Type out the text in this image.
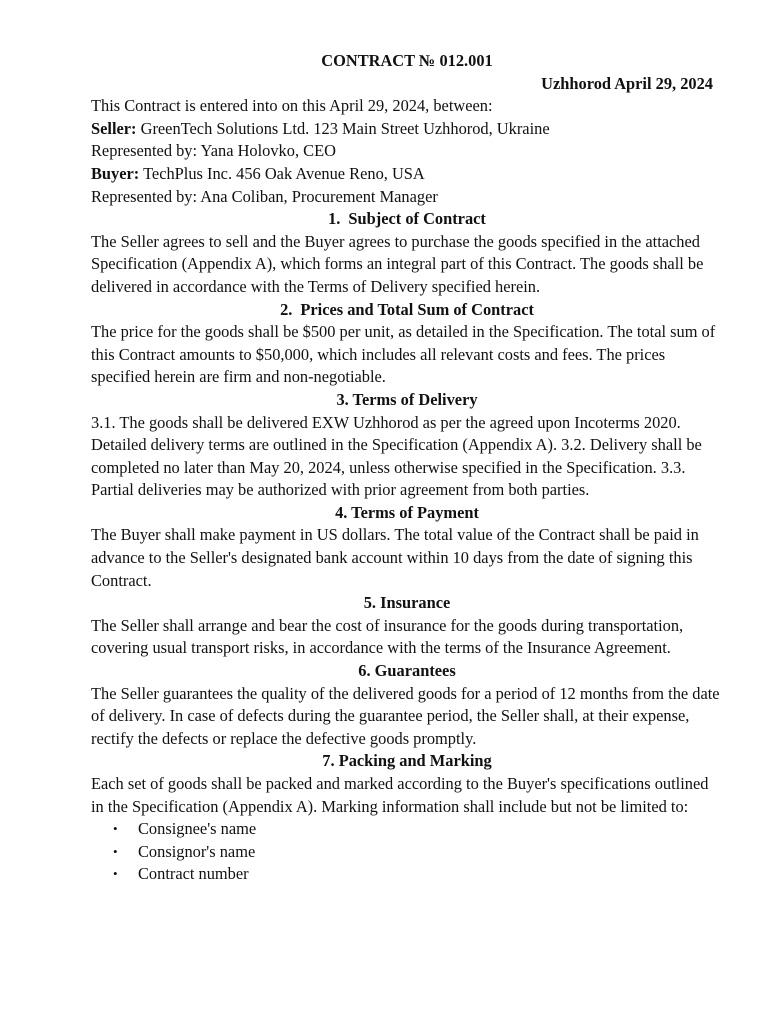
CONTRACT № 012.001

Uzhhorod April 29, 2024

This Contract is entered into on this April 29, 2024, between:

Seller: GreenTech Solutions Ltd. 123 Main Street Uzhhorod, Ukraine

Represented by: Yana Holovko, CEO

Buyer: TechPlus Inc. 456 Oak Avenue Reno, USA

Represented by: Ana Coliban, Procurement Manager

1. Subject of Contract

The Seller agrees to sell and the Buyer agrees to purchase the goods specified in the attached Specification (Appendix A), which forms an integral part of this Contract. The goods shall be delivered in accordance with the Terms of Delivery specified herein.

2. Prices and Total Sum of Contract

The price for the goods shall be $500 per unit, as detailed in the Specification. The total sum of this Contract amounts to $50,000, which includes all relevant costs and fees. The prices specified herein are firm and non-negotiable.

3. Terms of Delivery

3.1. The goods shall be delivered EXW Uzhhorod as per the agreed upon Incoterms 2020. Detailed delivery terms are outlined in the Specification (Appendix A). 3.2. Delivery shall be completed no later than May 20, 2024, unless otherwise specified in the Specification. 3.3. Partial deliveries may be authorized with prior agreement from both parties.

4. Terms of Payment

The Buyer shall make payment in US dollars. The total value of the Contract shall be paid in advance to the Seller's designated bank account within 10 days from the date of signing this Contract.

5. Insurance

The Seller shall arrange and bear the cost of insurance for the goods during transportation, covering usual transport risks, in accordance with the terms of the Insurance Agreement.

6. Guarantees

The Seller guarantees the quality of the delivered goods for a period of 12 months from the date of delivery. In case of defects during the guarantee period, the Seller shall, at their expense, rectify the defects or replace the defective goods promptly.

7. Packing and Marking

Each set of goods shall be packed and marked according to the Buyer's specifications outlined in the Specification (Appendix A). Marking information shall include but not be limited to:

• Consignee's name
• Consignor's name
• Contract number
